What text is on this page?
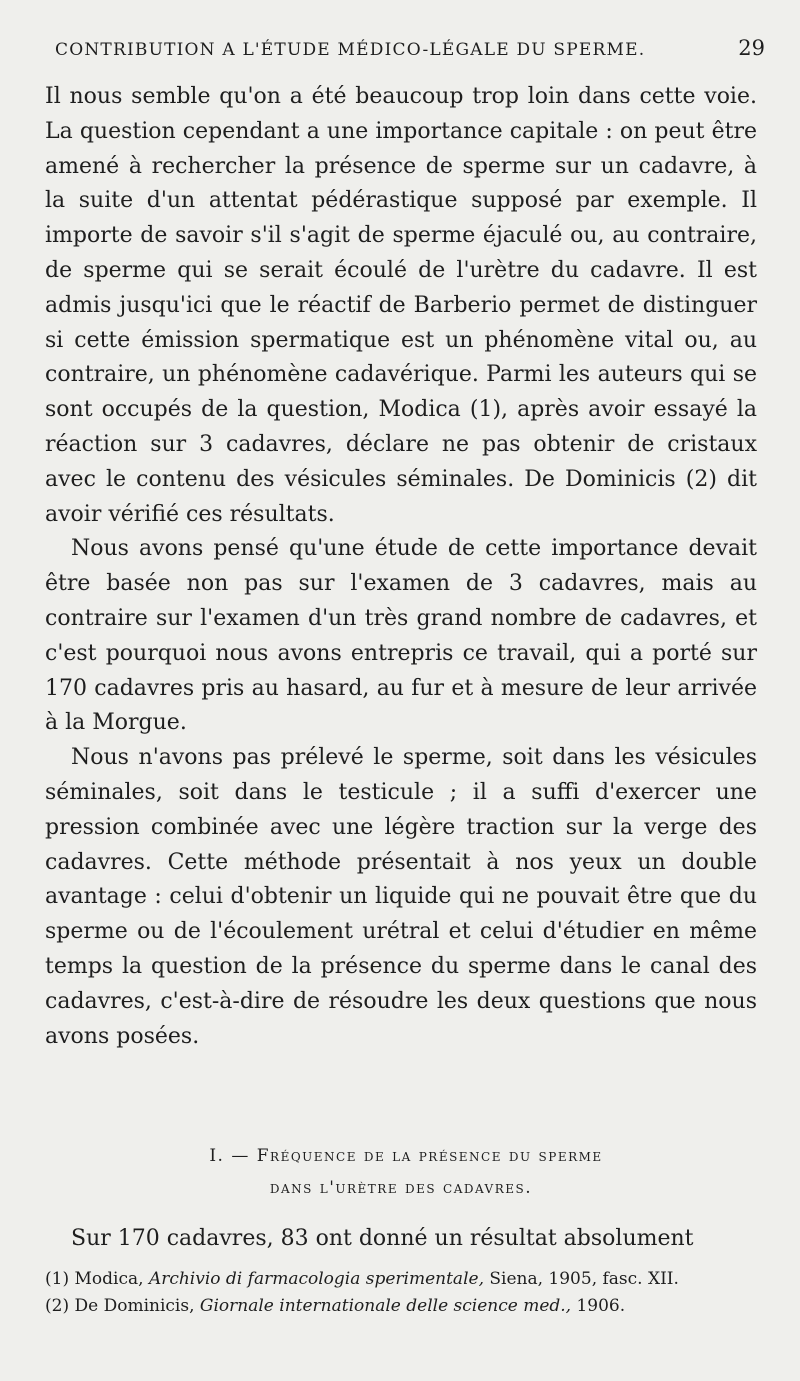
CONTRIBUTION A L'ÉTUDE MÉDICO-LÉGALE DU SPERME.	29

Il nous semble qu'on a été beaucoup trop loin dans cette voie. La question cependant a une importance capitale : on peut être amené à rechercher la présence de sperme sur un cadavre, à la suite d'un attentat pédérastique supposé par exemple. Il importe de savoir s'il s'agit de sperme éjaculé ou, au contraire, de sperme qui se serait écoulé de l'urètre du cadavre. Il est admis jusqu'ici que le réactif de Barberio permet de distinguer si cette émission spermatique est un phénomène vital ou, au contraire, un phénomène cadavérique. Parmi les auteurs qui se sont occupés de la question, Modica (1), après avoir essayé la réaction sur 3 cadavres, déclare ne pas obtenir de cristaux avec le contenu des vésicules séminales. De Dominicis (2) dit avoir vérifié ces résultats.

Nous avons pensé qu'une étude de cette importance devait être basée non pas sur l'examen de 3 cadavres, mais au contraire sur l'examen d'un très grand nombre de cadavres, et c'est pourquoi nous avons entrepris ce travail, qui a porté sur 170 cadavres pris au hasard, au fur et à mesure de leur arrivée à la Morgue.

Nous n'avons pas prélevé le sperme, soit dans les vésicules séminales, soit dans le testicule ; il a suffi d'exercer une pression combinée avec une légère traction sur la verge des cadavres. Cette méthode présentait à nos yeux un double avantage : celui d'obtenir un liquide qui ne pouvait être que du sperme ou de l'écoulement urétral et celui d'étudier en même temps la question de la présence du sperme dans le canal des cadavres, c'est-à-dire de résoudre les deux questions que nous avons posées.

I. — Fréquence de la présence du sperme
dans l'urètre des cadavres.
Sur 170 cadavres, 83 ont donné un résultat absolument

(1) Modica, Archivio di farmacologia sperimentale, Siena, 1905, fasc. XII.

(2) De Dominicis, Giornale internationale delle science med., 1906.
